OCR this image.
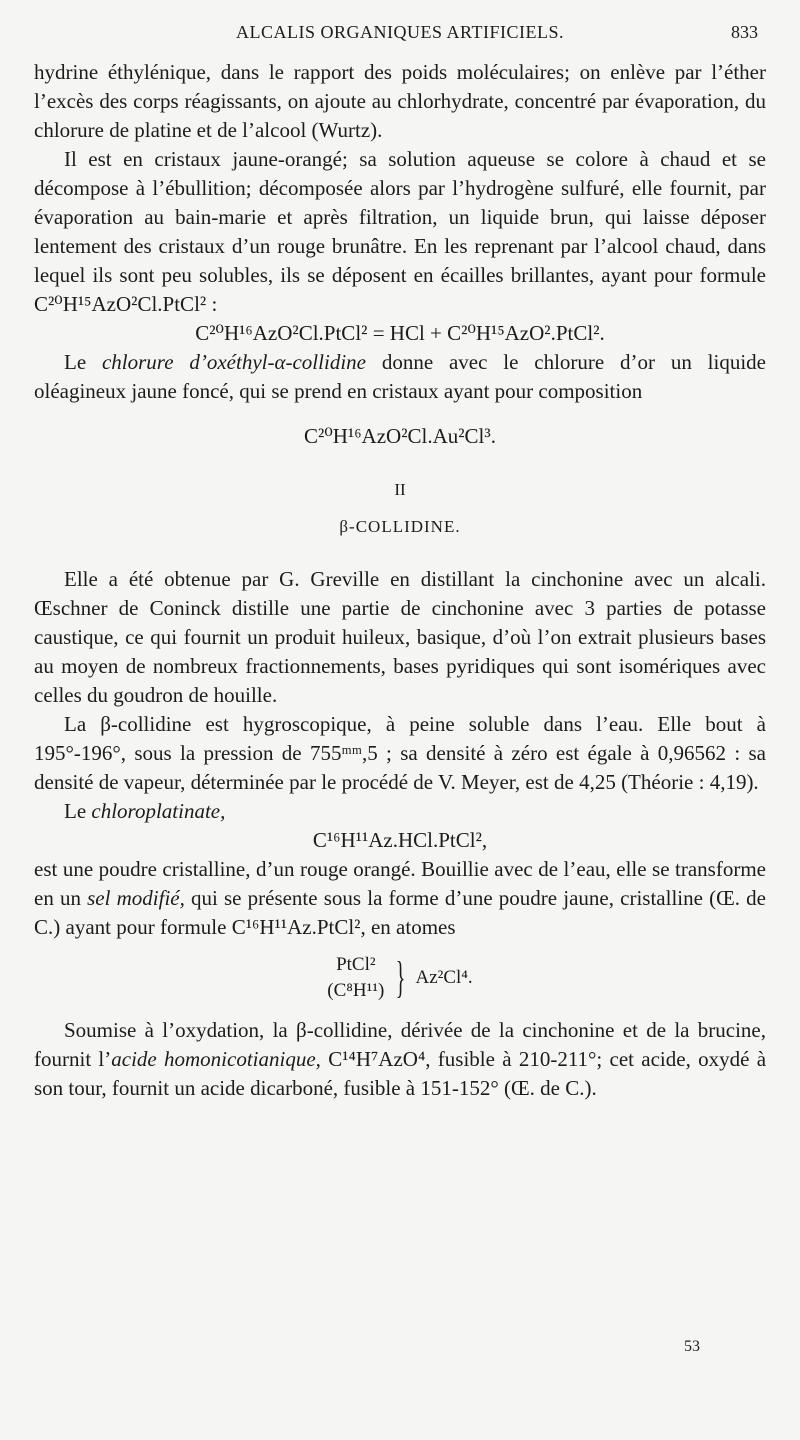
ALCALIS ORGANIQUES ARTIFICIELS.	833

hydrine éthylénique, dans le rapport des poids moléculaires; on enlève par l’éther l’excès des corps réagissants, on ajoute au chlorhydrate, concentré par évaporation, du chlorure de platine et de l’alcool (Wurtz).

Il est en cristaux jaune-orangé; sa solution aqueuse se colore à chaud et se décompose à l’ébullition; décomposée alors par l’hydrogène sulfuré, elle fournit, par évaporation au bain-marie et après filtration, un liquide brun, qui laisse déposer lentement des cristaux d’un rouge brunâtre. En les reprenant par l’alcool chaud, dans lequel ils sont peu solubles, ils se déposent en écailles brillantes, ayant pour formule C²⁰H¹⁵AzO²Cl.PtCl² :

C²⁰H¹⁶AzO²Cl.PtCl² = HCl + C²⁰H¹⁵AzO².PtCl².

Le chlorure d’oxéthyl-α-collidine donne avec le chlorure d’or un liquide oléagineux jaune foncé, qui se prend en cristaux ayant pour composition

C²⁰H¹⁶AzO²Cl.Au²Cl³.

II
β-COLLIDINE.

Elle a été obtenue par G. Greville en distillant la cinchonine avec un alcali. Œschner de Coninck distille une partie de cinchonine avec 3 parties de potasse caustique, ce qui fournit un produit huileux, basique, d’où l’on extrait plusieurs bases au moyen de nombreux fractionnements, bases pyridiques qui sont isomériques avec celles du goudron de houille.

La β-collidine est hygroscopique, à peine soluble dans l’eau. Elle bout à 195°-196°, sous la pression de 755ᵐᵐ,5 ; sa densité à zéro est égale à 0,96562 : sa densité de vapeur, déterminée par le procédé de V. Meyer, est de 4,25 (Théorie : 4,19).

Le chloroplatinate,

C¹⁶H¹¹Az.HCl.PtCl²,

est une poudre cristalline, d’un rouge orangé. Bouillie avec de l’eau, elle se transforme en un sel modifié, qui se présente sous la forme d’une poudre jaune, cristalline (Œ. de C.) ayant pour formule C¹⁶H¹¹Az.PtCl², en atomes

PtCl²
(C⁸H¹¹) } Az²Cl⁴.

Soumise à l’oxydation, la β-collidine, dérivée de la cinchonine et de la brucine, fournit l’acide homonicotianique, C¹⁴H⁷AzO⁴, fusible à 210-211°; cet acide, oxydé à son tour, fournit un acide dicarboné, fusible à 151-152° (Œ. de C.).

53
